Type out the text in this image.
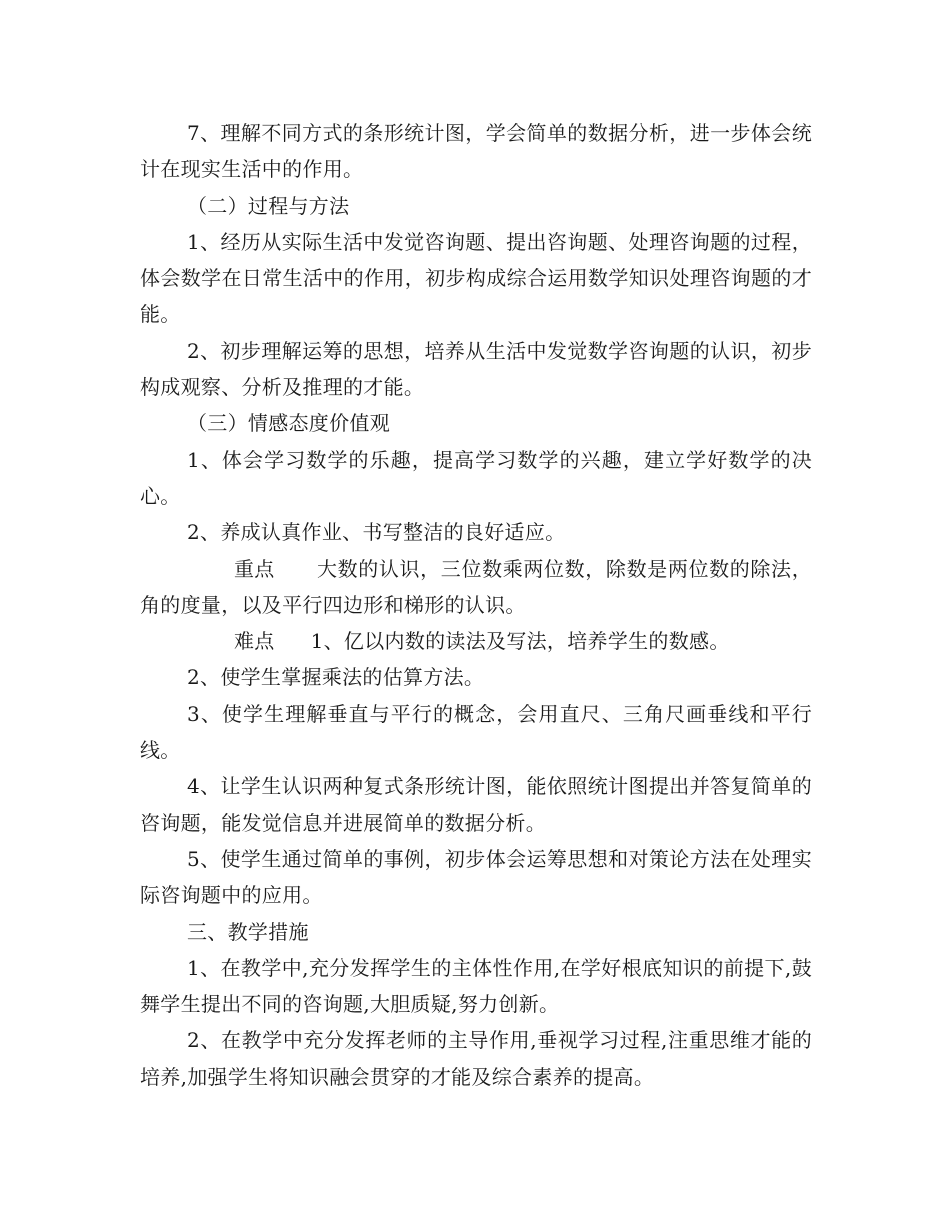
7、理解不同方式的条形统计图，学会简单的数据分析，进一步体会统计在现实生活中的作用。

（二）过程与方法

1、经历从实际生活中发觉咨询题、提出咨询题、处理咨询题的过程，体会数学在日常生活中的作用，初步构成综合运用数学知识处理咨询题的才能。

2、初步理解运筹的思想，培养从生活中发觉数学咨询题的认识，初步构成观察、分析及推理的才能。

（三）情感态度价值观

1、体会学习数学的乐趣，提高学习数学的兴趣，建立学好数学的决心。

2、养成认真作业、书写整洁的良好适应。

重点 大数的认识，三位数乘两位数，除数是两位数的除法，角的度量，以及平行四边形和梯形的认识。

难点 1、亿以内数的读法及写法，培养学生的数感。

2、使学生掌握乘法的估算方法。

3、使学生理解垂直与平行的概念，会用直尺、三角尺画垂线和平行线。

4、让学生认识两种复式条形统计图，能依照统计图提出并答复简单的咨询题，能发觉信息并进展简单的数据分析。

5、使学生通过简单的事例，初步体会运筹思想和对策论方法在处理实际咨询题中的应用。

三、教学措施

1、在教学中,充分发挥学生的主体性作用,在学好根底知识的前提下,鼓舞学生提出不同的咨询题,大胆质疑,努力创新。

2、在教学中充分发挥老师的主导作用,垂视学习过程,注重思维才能的培养,加强学生将知识融会贯穿的才能及综合素养的提高。
